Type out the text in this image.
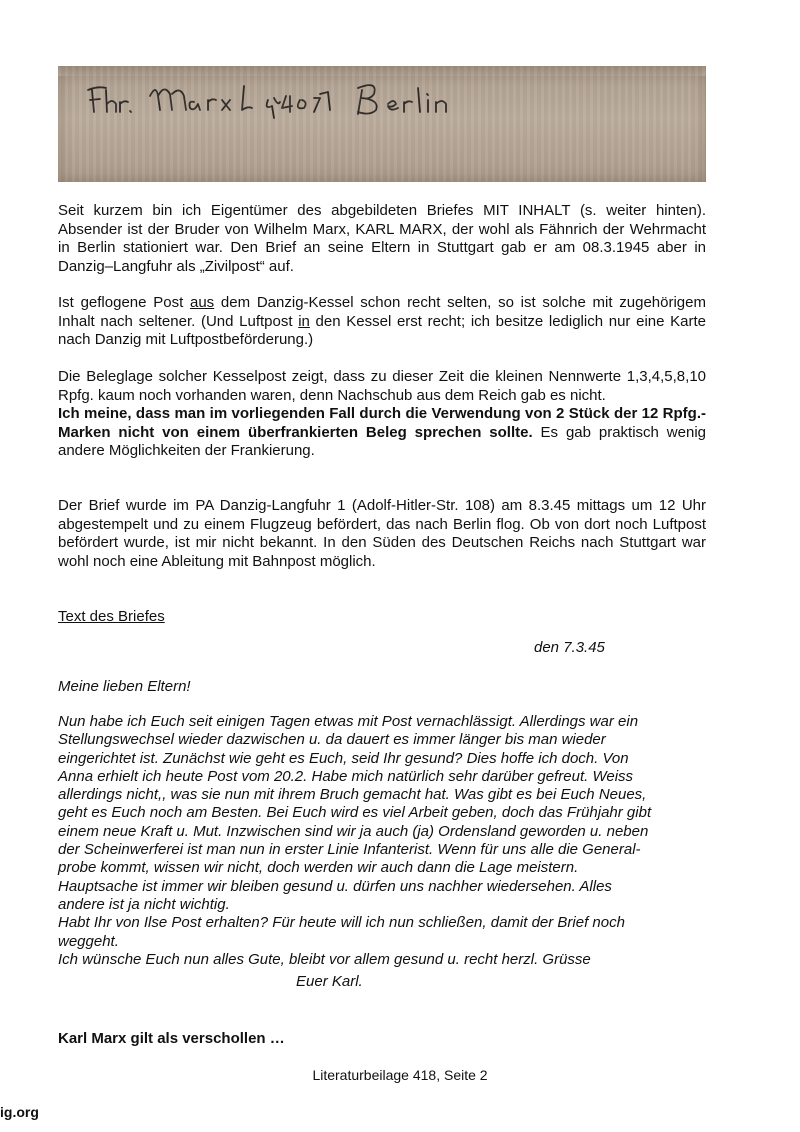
Seit kurzem bin ich Eigentümer des abgebildeten Briefes MIT INHALT (s. weiter hinten). Absender ist der Bruder von Wilhelm Marx, KARL MARX, der wohl als Fähnrich der Wehrmacht in Berlin stationiert war. Den Brief an seine Eltern in Stuttgart gab er am 08.3.1945 aber in Danzig–Langfuhr als „Zivilpost“ auf.

Ist geflogene Post aus dem Danzig-Kessel schon recht selten, so ist solche mit zugehörigem Inhalt nach seltener. (Und Luftpost in den Kessel erst recht; ich besitze lediglich nur eine Karte nach Danzig mit Luftpostbeförderung.)

Die Beleglage solcher Kesselpost zeigt, dass zu dieser Zeit die kleinen Nennwerte 1,3,4,5,8,10 Rpfg. kaum noch vorhanden waren, denn Nachschub aus dem Reich gab es nicht.

Ich meine, dass man im vorliegenden Fall durch die Verwendung von 2 Stück der 12 Rpfg.-Marken nicht von einem überfrankierten Beleg sprechen sollte. Es gab praktisch wenig andere Möglichkeiten der Frankierung.

Der Brief wurde im PA Danzig-Langfuhr 1 (Adolf-Hitler-Str. 108) am 8.3.45 mittags um 12 Uhr abgestempelt und zu einem Flugzeug befördert, das nach Berlin flog. Ob von dort noch Luftpost befördert wurde, ist mir nicht bekannt. In den Süden des Deutschen Reichs nach Stuttgart war wohl noch eine Ableitung mit Bahnpost möglich.

Text des Briefes
den 7.3.45
Meine lieben Eltern!
Nun habe ich Euch seit einigen Tagen etwas mit Post vernachlässigt. Allerdings war ein
Stellungswechsel wieder dazwischen u. da dauert es immer länger bis man wieder
eingerichtet ist. Zunächst wie geht es Euch, seid Ihr gesund? Dies hoffe ich doch. Von
Anna erhielt ich heute Post vom 20.2. Habe mich natürlich sehr darüber gefreut. Weiss
allerdings nicht,, was sie nun mit ihrem Bruch gemacht hat. Was gibt es bei Euch Neues,
geht es Euch noch am Besten. Bei Euch wird es viel Arbeit geben, doch das Frühjahr gibt
einem neue Kraft u. Mut. Inzwischen sind wir ja auch (ja) Ordensland geworden u. neben
der Scheinwerferei ist man nun in erster Linie Infanterist. Wenn für uns alle die General-
probe kommt, wissen wir nicht, doch werden wir auch dann die Lage meistern.
Hauptsache ist immer wir bleiben gesund u. dürfen uns nachher wiedersehen. Alles
andere ist ja nicht wichtig.
Habt Ihr von Ilse Post erhalten? Für heute will ich nun schließen, damit der Brief noch
weggeht.
Ich wünsche Euch nun alles Gute, bleibt vor allem gesund u. recht herzl. Grüsse
Euer Karl.
Karl Marx gilt als verschollen …
Literaturbeilage 418, Seite 2
ig.org
